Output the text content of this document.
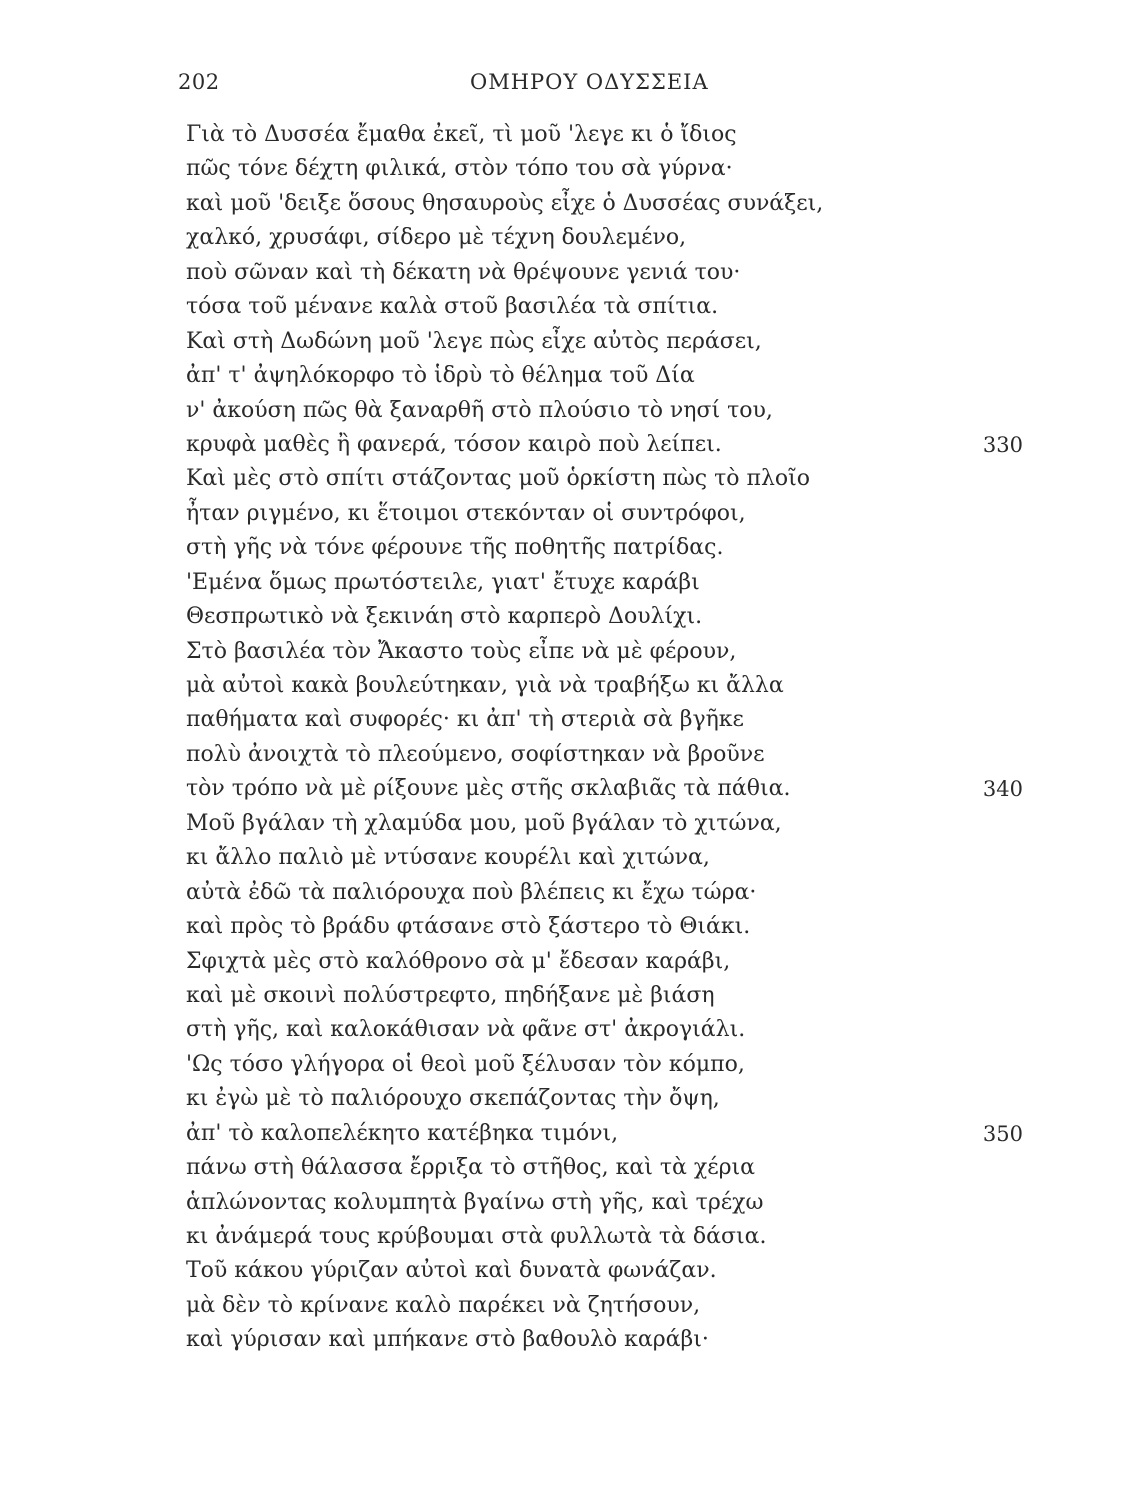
202	ΟΜΗΡΟΥ ΟΔΥΣΣΕΙΑ
Γιὰ τὸ Δυσσέα ἔμαθα ἐκεῖ, τὶ μοῦ 'λεγε κι ὁ ἴδιος
πῶς τόνε δέχτη φιλικά, στὸν τόπο του σὰ γύρνα·
καὶ μοῦ 'δειξε ὅσους θησαυροὺς εἶχε ὁ Δυσσέας συνάξει,
χαλκό, χρυσάφι, σίδερο μὲ τέχνη δουλεμένο,
ποὺ σῶναν καὶ τὴ δέκατη νὰ θρέψουνε γενιά του·
τόσα τοῦ μένανε καλὰ στοῦ βασιλέα τὰ σπίτια.
Καὶ στὴ Δωδώνη μοῦ 'λεγε πὼς εἶχε αὐτὸς περάσει,
ἀπ' τ' ἀψηλόκορφο τὸ ἱδρὺ τὸ θέλημα τοῦ Δία
ν' ἀκούση πῶς θὰ ξαναρθῆ στὸ πλούσιο τὸ νησί του,
κρυφὰ μαθὲς ἢ φανερά, τόσον καιρὸ ποὺ λείπει.
Καὶ μὲς στὸ σπίτι στάζοντας μοῦ ὁρκίστη πὼς τὸ πλοῖο
ἦταν ριγμένο, κι ἕτοιμοι στεκόνταν οἱ συντρόφοι,
στὴ γῆς νὰ τόνε φέρουνε τῆς ποθητῆς πατρίδας.
'Εμένα ὅμως πρωτόστειλε, γιατ' ἔτυχε καράβι
Θεσπρωτικὸ νὰ ξεκινάη στὸ καρπερὸ Δουλίχι.
Στὸ βασιλέα τὸν Ἄκαστο τοὺς εἶπε νὰ μὲ φέρουν,
μὰ αὐτοὶ κακὰ βουλεύτηκαν, γιὰ νὰ τραβήξω κι ἄλλα
παθήματα καὶ συφορές· κι ἀπ' τὴ στεριὰ σὰ βγῆκε
πολὺ ἀνοιχτὰ τὸ πλεούμενο, σοφίστηκαν νὰ βροῦνε
τὸν τρόπο νὰ μὲ ρίξουνε μὲς στῆς σκλαβιᾶς τὰ πάθια.
Μοῦ βγάλαν τὴ χλαμύδα μου, μοῦ βγάλαν τὸ χιτώνα,
κι ἄλλο παλιὸ μὲ ντύσανε κουρέλι καὶ χιτώνα,
αὐτὰ ἐδῶ τὰ παλιόρουχα ποὺ βλέπεις κι ἔχω τώρα·
καὶ πρὸς τὸ βράδυ φτάσανε στὸ ξάστερο τὸ Θιάκι.
Σφιχτὰ μὲς στὸ καλόθρονο σὰ μ' ἔδεσαν καράβι,
καὶ μὲ σκοινὶ πολύστρεφτο, πηδήξανε μὲ βιάση
στὴ γῆς, καὶ καλοκάθισαν νὰ φᾶνε στ' ἀκρογιάλι.
'Ως τόσο γλήγορα οἱ θεοὶ μοῦ ξέλυσαν τὸν κόμπο,
κι ἐγὼ μὲ τὸ παλιόρουχο σκεπάζοντας τὴν ὄψη,
ἀπ' τὸ καλοπελέκητο κατέβηκα τιμόνι,
πάνω στὴ θάλασσα ἔρριξα τὸ στῆθος, καὶ τὰ χέρια
ἁπλώνοντας κολυμπητὰ βγαίνω στὴ γῆς, καὶ τρέχω
κι ἀνάμερά τους κρύβουμαι στὰ φυλλωτὰ τὰ δάσια.
Τοῦ κάκου γύριζαν αὐτοὶ καὶ δυνατὰ φωνάζαν.
μὰ δὲν τὸ κρίνανε καλὸ παρέκει νὰ ζητήσουν,
καὶ γύρισαν καὶ μπήκανε στὸ βαθουλὸ καράβι·
330
340
350
